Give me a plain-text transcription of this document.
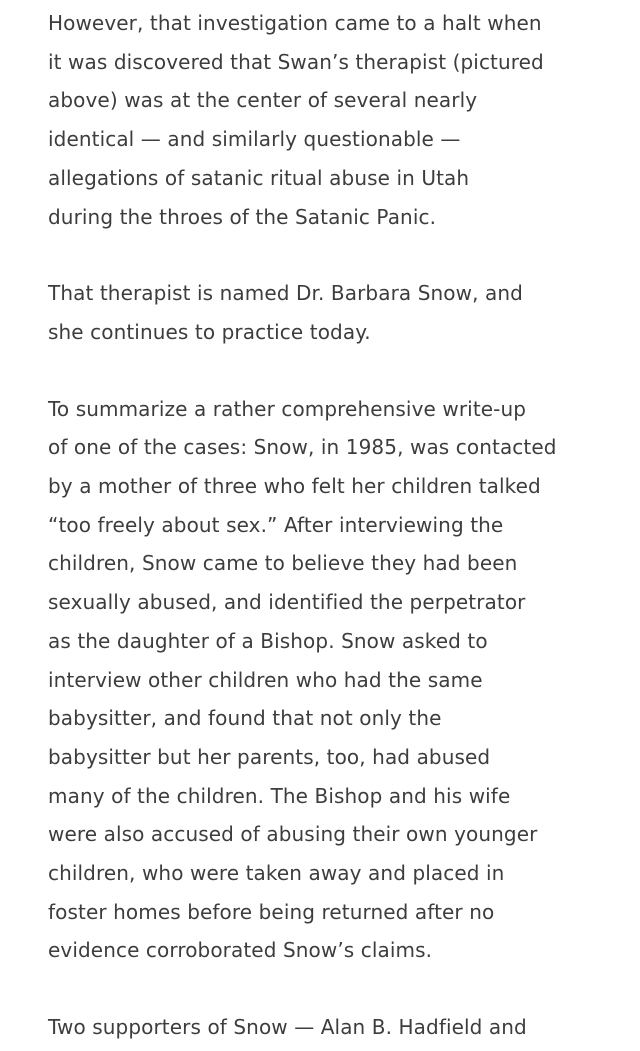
However, that investigation came to a halt when
it was discovered that Swan’s therapist (pictured
above) was at the center of several nearly
identical — and similarly questionable —
allegations of satanic ritual abuse in Utah
during the throes of the Satanic Panic.

That therapist is named Dr. Barbara Snow, and
she continues to practice today.

To summarize a rather comprehensive write-up
of one of the cases: Snow, in 1985, was contacted
by a mother of three who felt her children talked
“too freely about sex.” After interviewing the
children, Snow came to believe they had been
sexually abused, and identified the perpetrator
as the daughter of a Bishop. Snow asked to
interview other children who had the same
babysitter, and found that not only the
babysitter but her parents, too, had abused
many of the children. The Bishop and his wife
were also accused of abusing their own younger
children, who were taken away and placed in
foster homes before being returned after no
evidence corroborated Snow’s claims.

Two supporters of Snow — Alan B. Hadfield and
